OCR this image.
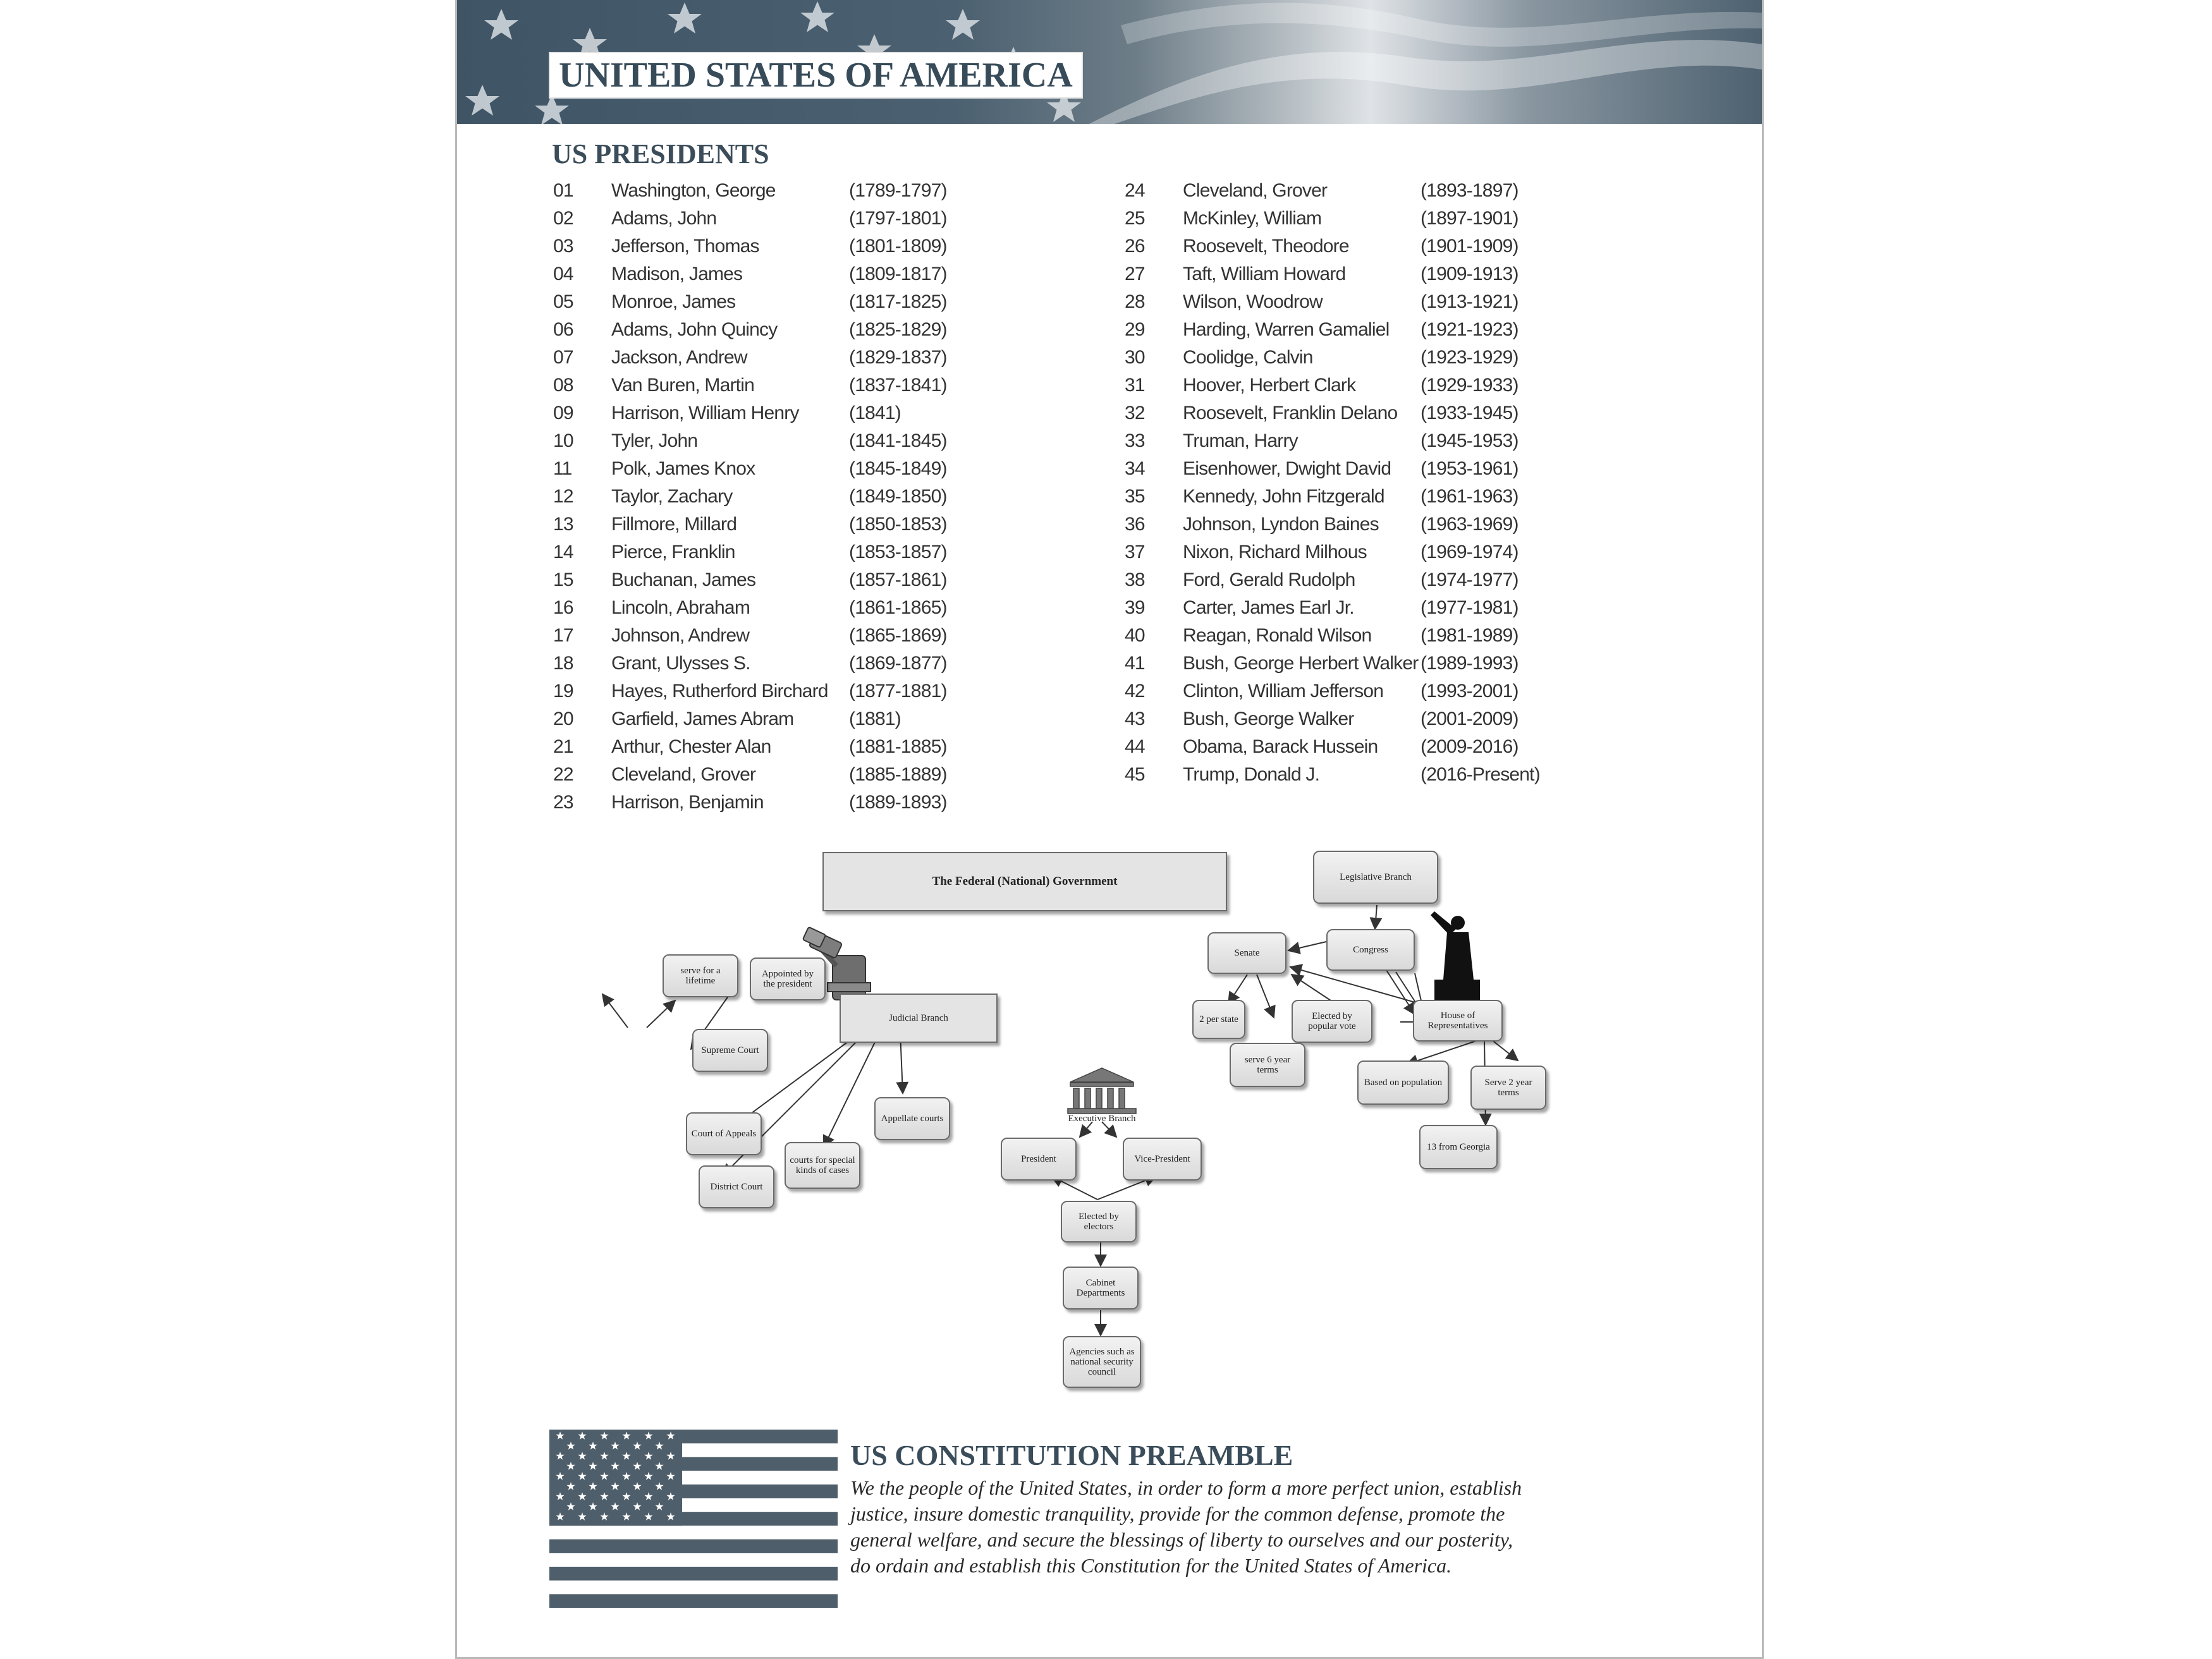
UNITED STATES OF AMERICA
US PRESIDENTS
01 Washington, George	(1789-1797)
02 Adams, John	(1797-1801)
03 Jefferson, Thomas	(1801-1809)
04 Madison, James	(1809-1817)
05 Monroe, James	(1817-1825)
06 Adams, John Quincy	(1825-1829)
07 Jackson, Andrew	(1829-1837)
08 Van Buren, Martin	(1837-1841)
09 Harrison, William Henry	(1841)
10 Tyler, John	(1841-1845)
11 Polk, James Knox	(1845-1849)
12 Taylor, Zachary	(1849-1850)
13 Fillmore, Millard	(1850-1853)
14 Pierce, Franklin	(1853-1857)
15 Buchanan, James	(1857-1861)
16 Lincoln, Abraham	(1861-1865)
17 Johnson, Andrew	(1865-1869)
18 Grant, Ulysses S.	(1869-1877)
19 Hayes, Rutherford Birchard (1877-1881)
20 Garfield, James Abram	(1881)
21 Arthur, Chester Alan	(1881-1885)
22 Cleveland, Grover	(1885-1889)
23 Harrison, Benjamin	(1889-1893)
24 Cleveland, Grover	(1893-1897)
25 McKinley, William	(1897-1901)
26 Roosevelt, Theodore	(1901-1909)
27 Taft, William Howard	(1909-1913)
28 Wilson, Woodrow	(1913-1921)
29 Harding, Warren Gamaliel (1921-1923)
30 Coolidge, Calvin	(1923-1929)
31 Hoover, Herbert Clark	(1929-1933)
32 Roosevelt, Franklin Delano (1933-1945)
33 Truman, Harry	(1945-1953)
34 Eisenhower, Dwight David (1953-1961)
35 Kennedy, John Fitzgerald (1961-1963)
36 Johnson, Lyndon Baines (1963-1969)
37 Nixon, Richard Milhous	(1969-1974)
38 Ford, Gerald Rudolph	(1974-1977)
39 Carter, James Earl Jr.	(1977-1981)
40 Reagan, Ronald Wilson	(1981-1989)
41 Bush, George Herbert Walker (1989-1993)
42 Clinton, William Jefferson (1993-2001)
43 Bush, George Walker	(2001-2009)
44 Obama, Barack Hussein (2009-2016)
45 Trump, Donald J.	(2016-Present)
The Federal (National) Government
Judicial Branch
serve for a lifetime
Appointed by the president
Supreme Court
Court of Appeals
District Court
courts for special kinds of cases
Appellate courts
Legislative Branch
Congress
Senate
2 per state	Elected by popular vote
House of Representatives
serve 6 year terms
Based on population	Serve 2 year terms
13 from Georgia
Executive Branch
President	Vice-President
Elected by electors
Cabinet Departments
Agencies such as national security council
US CONSTITUTION PREAMBLE

We the people of the United States, in order to form a more perfect union, establish justice, insure domestic tranquility, provide for the common defense, promote the general welfare, and secure the blessings of liberty to ourselves and our posterity, do ordain and establish this Constitution for the United States of America.
